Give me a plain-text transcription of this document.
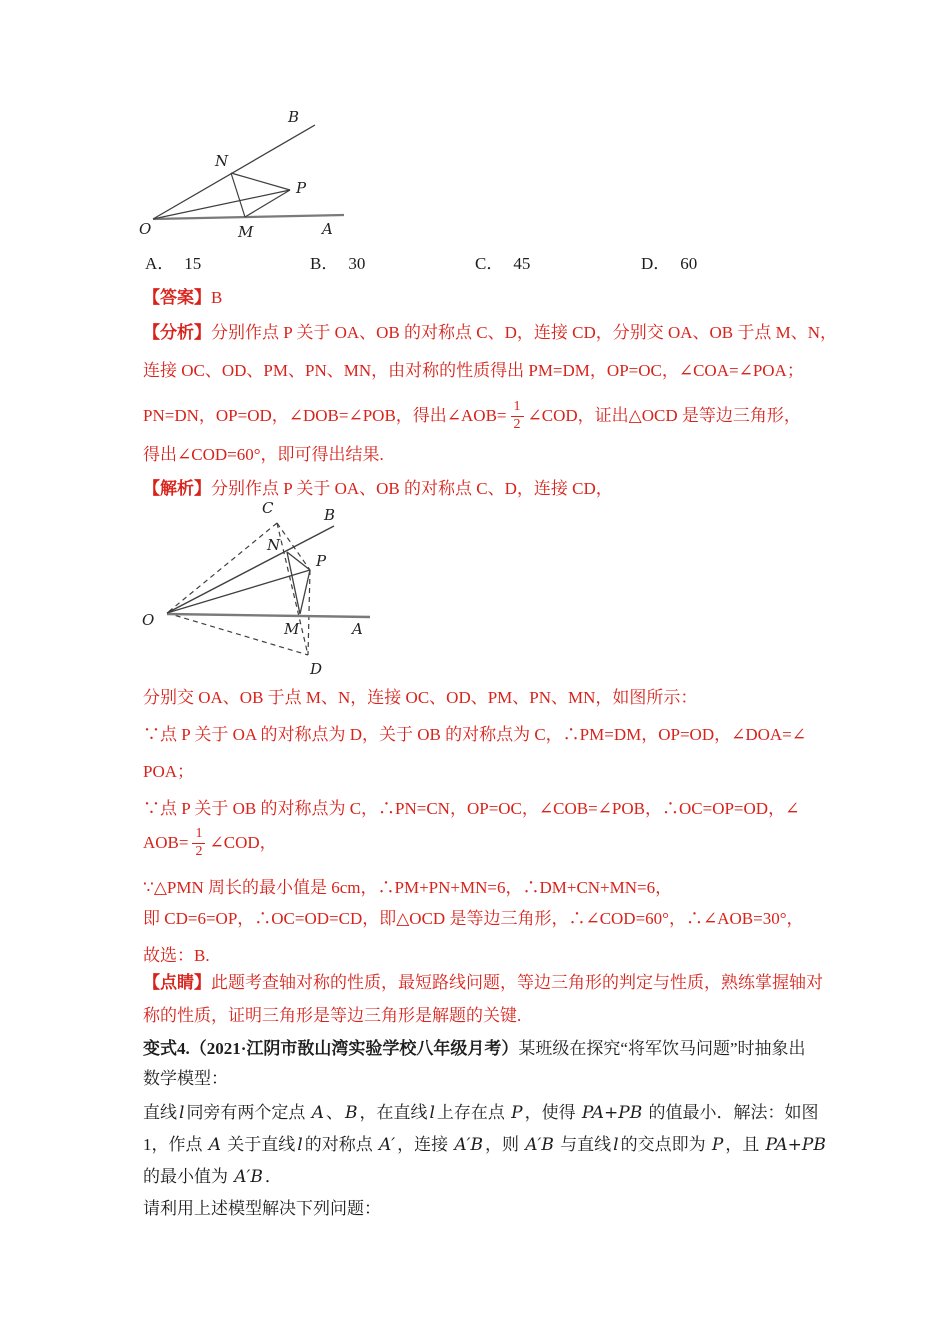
B
N
P
O	M	A
A． 15	B． 30	C． 45	D． 60
【答案】B
【分析】分别作点 P 关于 OA、OB 的对称点 C、D，连接 CD，分别交 OA、OB 于点 M、N，
连接 OC、OD、PM、PN、MN，由对称的性质得出 PM=DM，OP=OC，∠COA=∠POA；
PN=DN，OP=OD，∠DOB=∠POB，得出∠AOB= $\frac{1}{2}$ ∠COD，证出△OCD 是等边三角形，
得出∠COD=60°，即可得出结果.
【解析】分别作点 P 关于 OA、OB 的对称点 C、D，连接 CD，
C	B
N
P
O	M	A
D
分别交 OA、OB 于点 M、N，连接 OC、OD、PM、PN、MN，如图所示：
∵点 P 关于 OA 的对称点为 D，关于 OB 的对称点为 C，∴PM=DM，OP=OD，∠DOA=∠
POA；
∵点 P 关于 OB 的对称点为 C，∴PN=CN，OP=OC，∠COB=∠POB，∴OC=OP=OD，∠
$AOB= \frac{1}{2}$ ∠COD，
∵△PMN 周长的最小值是 6cm，∴PM+PN+MN=6，∴DM+CN+MN=6，
即 CD=6=OP，∴OC=OD=CD，即△OCD 是等边三角形，∴∠COD=60°，∴∠AOB=30°，
故选：B.
【点睛】此题考查轴对称的性质，最短路线问题，等边三角形的判定与性质，熟练掌握轴对
称的性质，证明三角形是等边三角形是解题的关键.
变式4.（2021·江阴市敔山湾实验学校八年级月考）某班级在探究“将军饮马问题”时抽象出
数学模型：
直线 l 同旁有两个定点 A 、 B ，在直线 l 上存在点 P ，使得 PA+PB 的值最小．解法：如图
1，作点 A 关于直线 l 的对称点 A′ ，连接 A′B ，则 A′B 与直线 l 的交点即为 P ，且 PA+PB
的最小值为 A′B ．
请利用上述模型解决下列问题：
